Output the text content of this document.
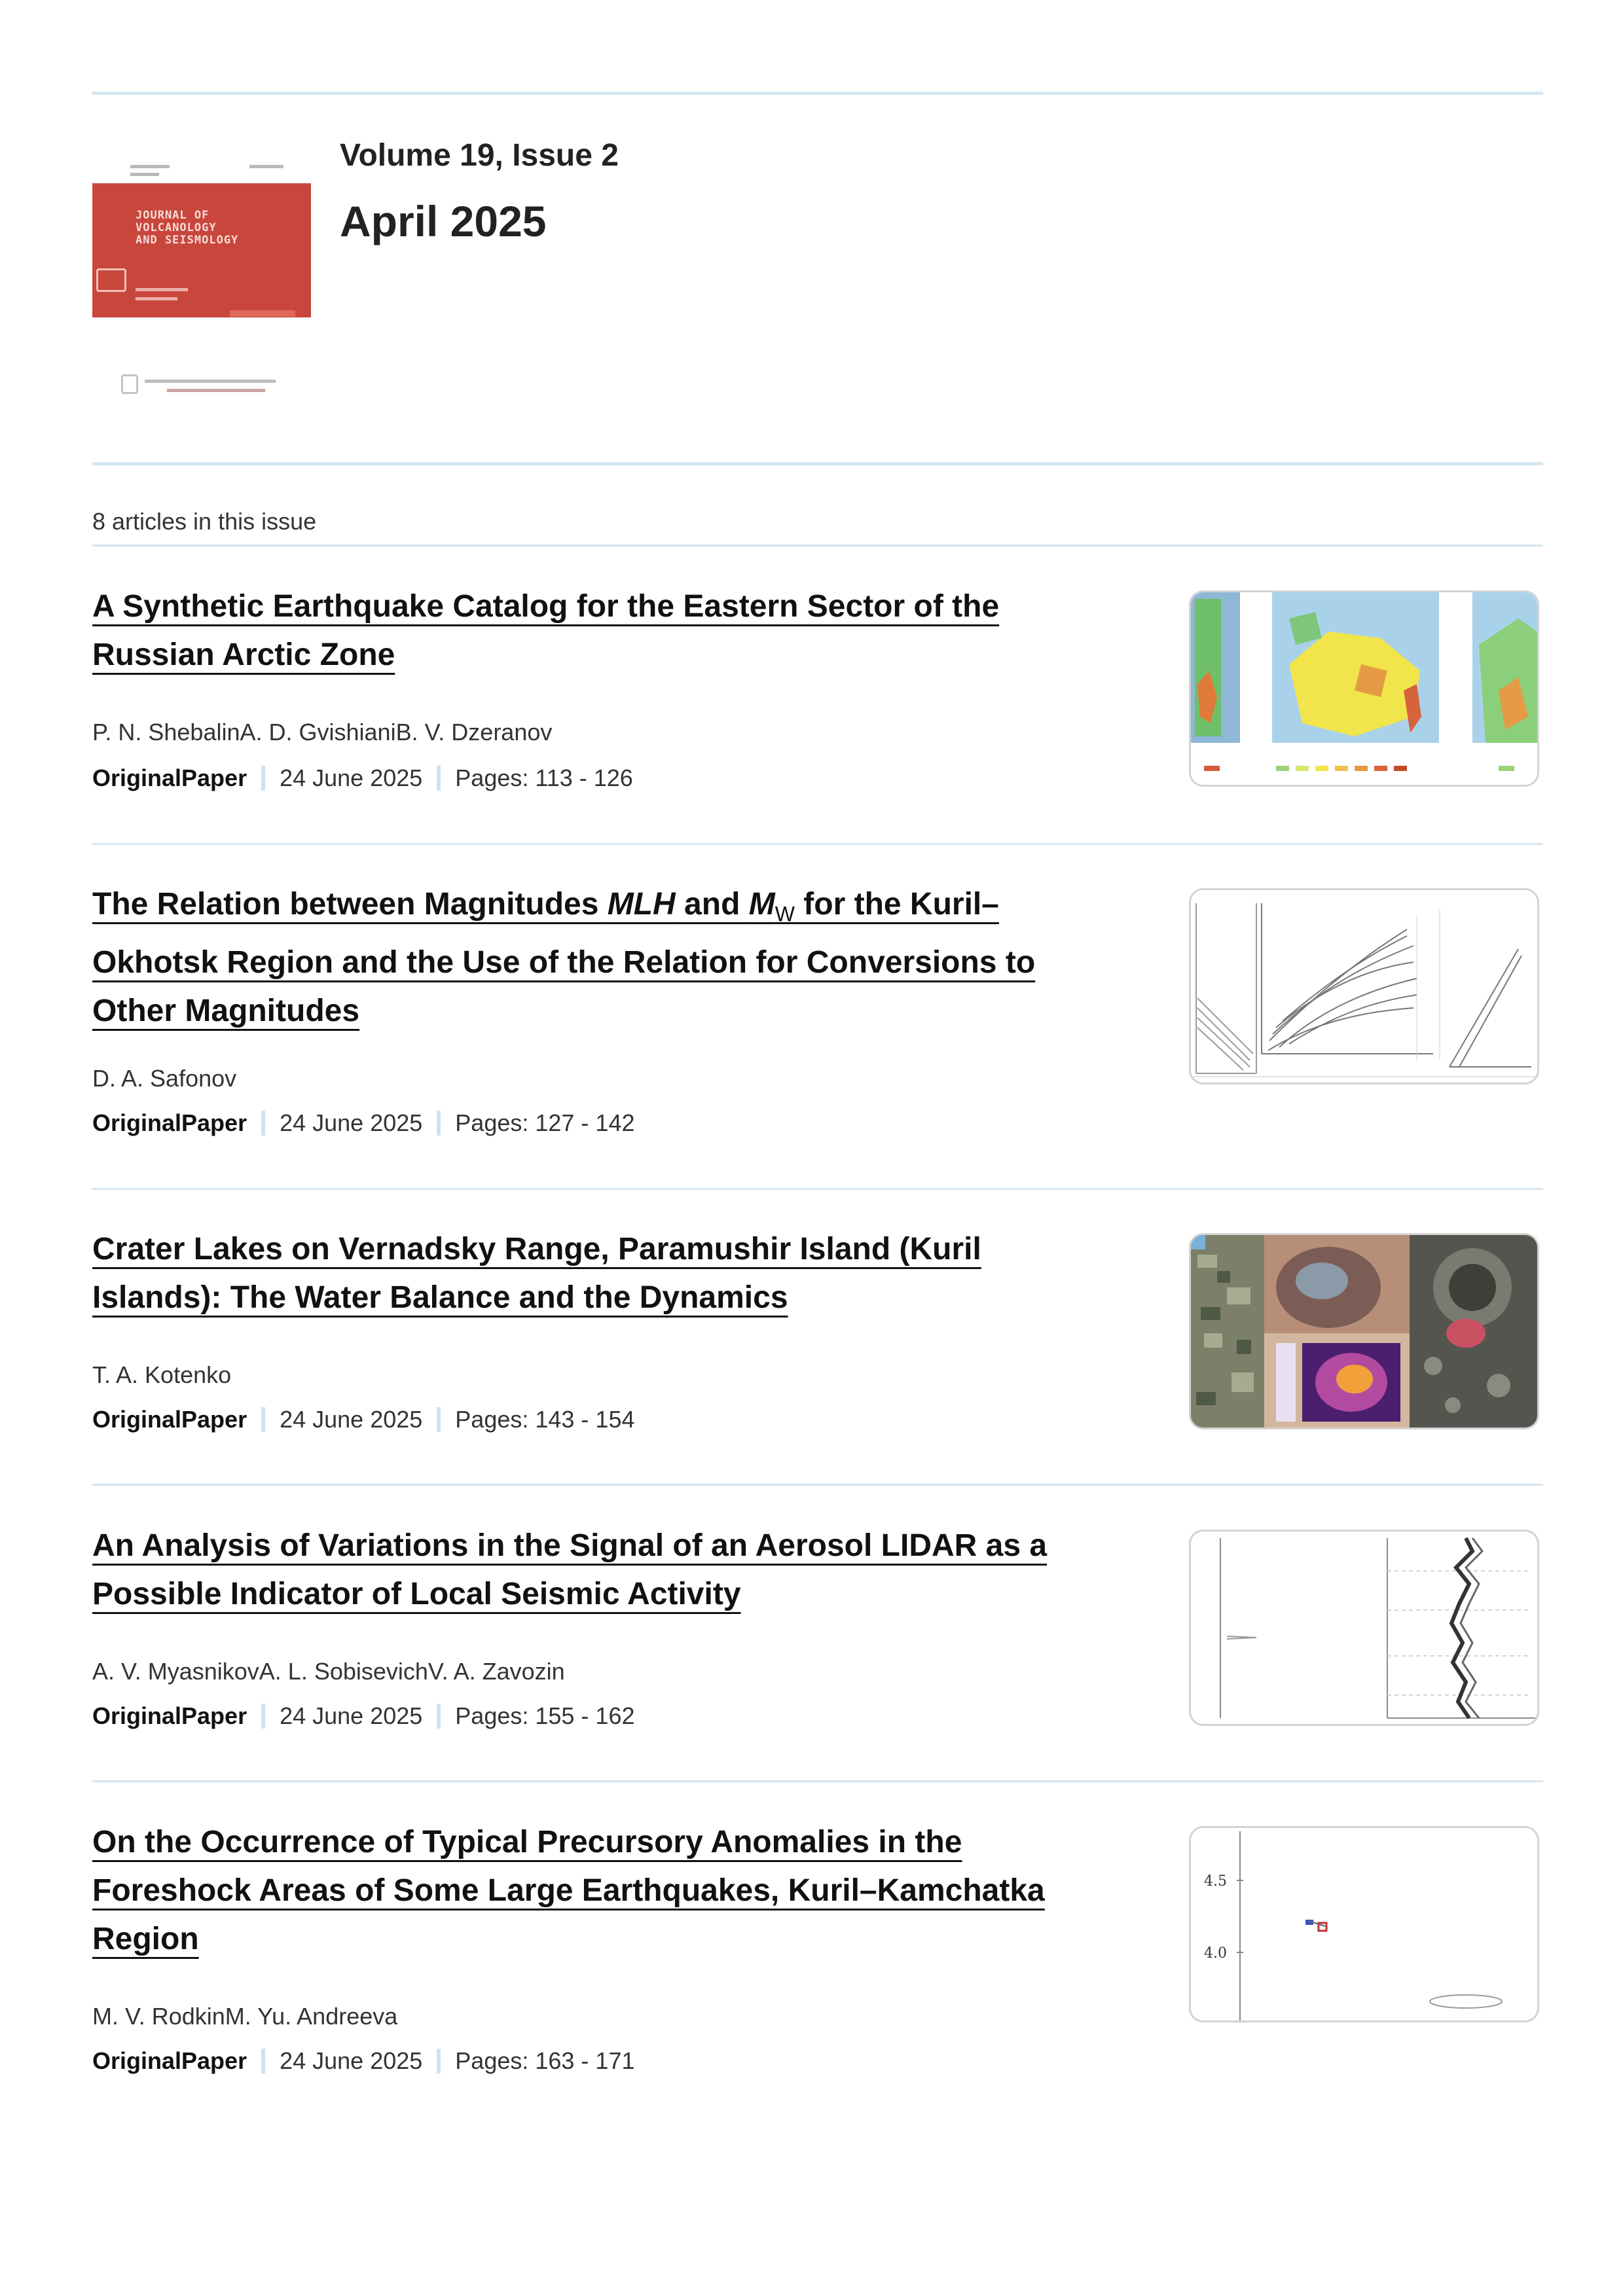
JOURNAL OF
VOLCANOLOGY
AND SEISMOLOGY
Volume 19, Issue 2
April 2025
8 articles in this issue
A Synthetic Earthquake Catalog for the Eastern Sector of the Russian Arctic Zone
P. N. ShebalinA. D. GvishianiB. V. Dzeranov
OriginalPaper 24 June 2025 Pages: 113 - 126
The Relation between Magnitudes MLH and $M_W$ for the Kuril–Okhotsk Region and the Use of the Relation for Conversions to Other Magnitudes
D. A. Safonov
OriginalPaper 24 June 2025 Pages: 127 - 142
Crater Lakes on Vernadsky Range, Paramushir Island (Kuril Islands): The Water Balance and the Dynamics
T. A. Kotenko
OriginalPaper 24 June 2025 Pages: 143 - 154
An Analysis of Variations in the Signal of an Aerosol LIDAR as a Possible Indicator of Local Seismic Activity
A. V. MyasnikovA. L. SobisevichV. A. Zavozin
OriginalPaper 24 June 2025 Pages: 155 - 162
On the Occurrence of Typical Precursory Anomalies in the Foreshock Areas of Some Large Earthquakes, Kuril–Kamchatka Region
M. V. RodkinM. Yu. Andreeva
OriginalPaper 24 June 2025 Pages: 163 - 171
4.5
4.0
